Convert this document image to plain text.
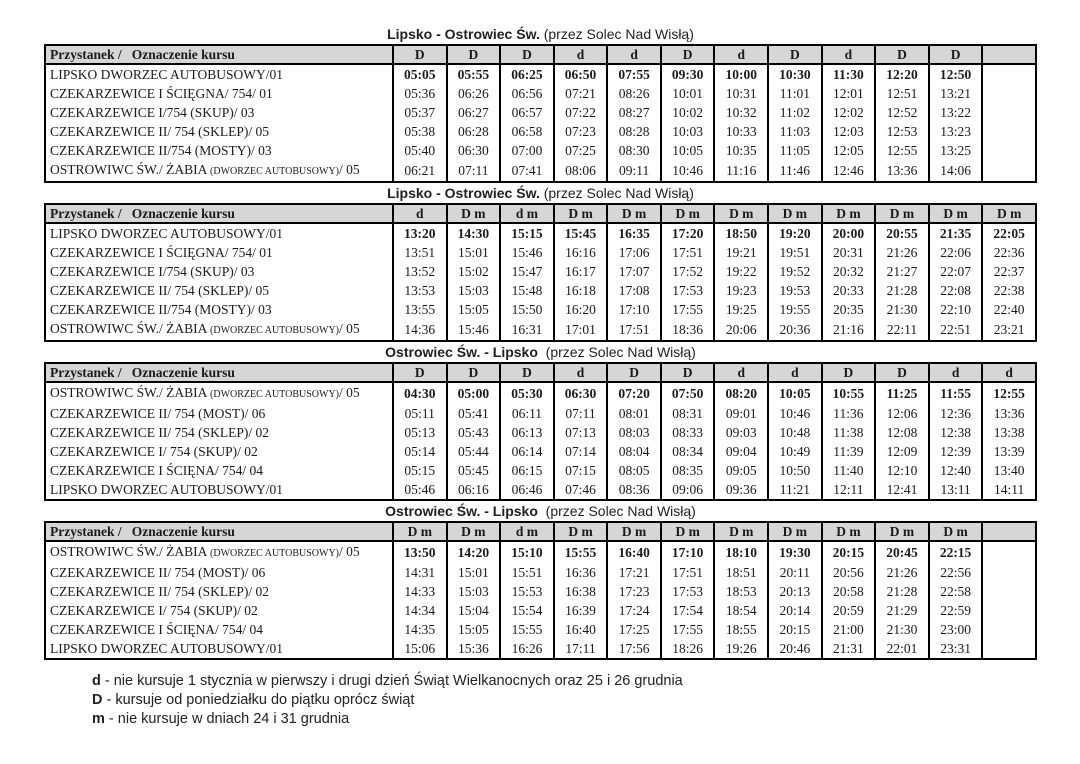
Lipsko - Ostrowiec Św. (przez Solec Nad Wisłą)
Przystanek /   Oznaczenie kursu	D	D	D	d	d	D	d	D	d	D	D	
LIPSKO DWORZEC AUTOBUSOWY/01	05:05	05:55	06:25	06:50	07:55	09:30	10:00	10:30	11:30	12:20	12:50	
CZEKARZEWICE I ŚCIĘGNA/ 754/ 01	05:36	06:26	06:56	07:21	08:26	10:01	10:31	11:01	12:01	12:51	13:21	
CZEKARZEWICE I/754 (SKUP)/ 03	05:37	06:27	06:57	07:22	08:27	10:02	10:32	11:02	12:02	12:52	13:22	
CZEKARZEWICE II/ 754 (SKLEP)/ 05	05:38	06:28	06:58	07:23	08:28	10:03	10:33	11:03	12:03	12:53	13:23	
CZEKARZEWICE II/754 (MOSTY)/ 03	05:40	06:30	07:00	07:25	08:30	10:05	10:35	11:05	12:05	12:55	13:25	
OSTROWIWC ŚW./ ŻABIA (DWORZEC AUTOBUSOWY)/ 05	06:21	07:11	07:41	08:06	09:11	10:46	11:16	11:46	12:46	13:36	14:06	
Lipsko - Ostrowiec Św. (przez Solec Nad Wisłą)
Przystanek /   Oznaczenie kursu	d	D m	d m	D m	D m	D m	D m	D m	D m	D m	D m	D m
LIPSKO DWORZEC AUTOBUSOWY/01	13:20	14:30	15:15	15:45	16:35	17:20	18:50	19:20	20:00	20:55	21:35	22:05
CZEKARZEWICE I ŚCIĘGNA/ 754/ 01	13:51	15:01	15:46	16:16	17:06	17:51	19:21	19:51	20:31	21:26	22:06	22:36
CZEKARZEWICE I/754 (SKUP)/ 03	13:52	15:02	15:47	16:17	17:07	17:52	19:22	19:52	20:32	21:27	22:07	22:37
CZEKARZEWICE II/ 754 (SKLEP)/ 05	13:53	15:03	15:48	16:18	17:08	17:53	19:23	19:53	20:33	21:28	22:08	22:38
CZEKARZEWICE II/754 (MOSTY)/ 03	13:55	15:05	15:50	16:20	17:10	17:55	19:25	19:55	20:35	21:30	22:10	22:40
OSTROWIWC ŚW./ ŻABIA (DWORZEC AUTOBUSOWY)/ 05	14:36	15:46	16:31	17:01	17:51	18:36	20:06	20:36	21:16	22:11	22:51	23:21
Ostrowiec Św. - Lipsko  (przez Solec Nad Wisłą)
Przystanek /   Oznaczenie kursu	D	D	D	d	D	D	d	d	D	D	d	d
OSTROWIWC ŚW./ ŻABIA (DWORZEC AUTOBUSOWY)/ 05	04:30	05:00	05:30	06:30	07:20	07:50	08:20	10:05	10:55	11:25	11:55	12:55
CZEKARZEWICE II/ 754 (MOST)/ 06	05:11	05:41	06:11	07:11	08:01	08:31	09:01	10:46	11:36	12:06	12:36	13:36
CZEKARZEWICE II/ 754 (SKLEP)/ 02	05:13	05:43	06:13	07:13	08:03	08:33	09:03	10:48	11:38	12:08	12:38	13:38
CZEKARZEWICE I/ 754 (SKUP)/ 02	05:14	05:44	06:14	07:14	08:04	08:34	09:04	10:49	11:39	12:09	12:39	13:39
CZEKARZEWICE I ŚCIĘNA/ 754/ 04	05:15	05:45	06:15	07:15	08:05	08:35	09:05	10:50	11:40	12:10	12:40	13:40
LIPSKO DWORZEC AUTOBUSOWY/01	05:46	06:16	06:46	07:46	08:36	09:06	09:36	11:21	12:11	12:41	13:11	14:11
Ostrowiec Św. - Lipsko  (przez Solec Nad Wisłą)
Przystanek /   Oznaczenie kursu	D m	D m	d m	D m	D m	D m	D m	D m	D m	D m	D m	
OSTROWIWC ŚW./ ŻABIA (DWORZEC AUTOBUSOWY)/ 05	13:50	14:20	15:10	15:55	16:40	17:10	18:10	19:30	20:15	20:45	22:15	
CZEKARZEWICE II/ 754 (MOST)/ 06	14:31	15:01	15:51	16:36	17:21	17:51	18:51	20:11	20:56	21:26	22:56	
CZEKARZEWICE II/ 754 (SKLEP)/ 02	14:33	15:03	15:53	16:38	17:23	17:53	18:53	20:13	20:58	21:28	22:58	
CZEKARZEWICE I/ 754 (SKUP)/ 02	14:34	15:04	15:54	16:39	17:24	17:54	18:54	20:14	20:59	21:29	22:59	
CZEKARZEWICE I ŚCIĘNA/ 754/ 04	14:35	15:05	15:55	16:40	17:25	17:55	18:55	20:15	21:00	21:30	23:00	
LIPSKO DWORZEC AUTOBUSOWY/01	15:06	15:36	16:26	17:11	17:56	18:26	19:26	20:46	21:31	22:01	23:31	
d - nie kursuje 1 stycznia w pierwszy i drugi dzień Świąt Wielkanocnych oraz 25 i 26 grudnia
D - kursuje od poniedziałku do piątku oprócz świąt
m - nie kursuje w dniach 24 i 31 grudnia
